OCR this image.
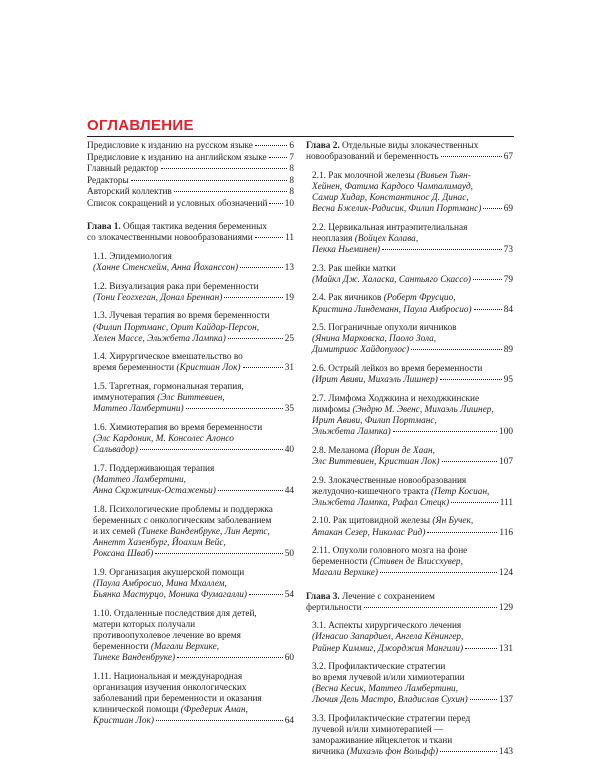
ОГЛАВЛЕНИЕ
Предисловие к изданию на русском языке	6
Предисловие к изданию на английском языке 7
Главный редактор	8
Редакторы	8
Авторский коллектив	8
Список сокращений и условных обозначений 10
Глава 1. Общая тактика ведения беременных
со злокачественными новообразованиями	11
1.1. Эпидемиология
(Ханне Стенсхейм, Анна Йоханссон)	13
1.2. Визуализация рака при беременности
(Тони Геогхеган, Донал Бреннан)	19
1.3. Лучевая терапия во время беременности
(Филип Портманс, Орит Кайдар-Персон,
Хелен Массе, Эльжбета Лампка)	25
1.4. Хирургическое вмешательство во
время беременности (Кристиан Лок)	31
1.5. Таргетная, гормональная терапия,
иммунотерапия (Элс Виттевиен,
Маттео Ламбертини)	35
1.6. Химиотерапия во время беременности
(Элс Кардоник, М. Консолес Алонсо
Сальвадор)	40
1.7. Поддерживающая терапия
(Маттео Ламбертини,
Анна Скржипчик-Остаженьи)	44
1.8. Психологические проблемы и поддержка
беременных с онкологическим заболеванием
и их семей (Тинеке Ванденбруке, Лин Аертс,
Аннетт Хазенбург, Йоахим Вейс,
Роксана Шваб)	50
1.9. Организация акушерской помощи
(Паула Амбросио, Мина Мхаллем,
Бьянка Мастурцо, Моника Фумагалли)	54
1.10. Отдаленные последствия для детей,
матери которых получали
противоопухолевое лечение во время
беременности (Магали Верхике,
Тинеке Ванденбруке)	60
1.11. Национальная и международная
организация изучения онкологических
заболеваний при беременности и оказания
клинической помощи (Фредерик Аман,
Кристиан Лок)	64
Глава 2. Отдельные виды злокачественных
новообразований и беременность	67
2.1. Рак молочной железы (Вивьен Тьян-
Хейнен, Фатима Кардосо Чампалимауд,
Самир Хидар, Константинос Д. Динас,
Весна Бжелик-Радисик, Филип Портманс) 69
2.2. Цервикальная интраэпителиальная
неоплазия (Войцех Колава,
Пекка Ньеминен)	73
2.3. Рак шейки матки
(Майкл Дж. Халаска, Сантьяго Скассо)	79
2.4. Рак яичников (Роберт Фрусцио,
Кристина Линдеманн, Паула Амбросио)	84
2.5. Пограничные опухоли яичников
(Янина Марковска, Паоло Зола,
Димитриос Хайдопулос)	89
2.6. Острый лейкоз во время беременности
(Ирит Авиви, Михаэль Лишнер)	95
2.7. Лимфома Ходжкина и неходжкинские
лимфомы (Эндрю М. Эвенс, Михаэль Лишнер,
Ирит Авиви, Филип Портманс,
Эльжбета Лампка)	100
2.8. Меланома (Йорин де Хаан,
Элс Виттевиен, Кристиан Лок)	107
2.9. Злокачественные новообразования
желудочно-кишечного тракта (Петр Косиан,
Эльжбета Лампка, Рафал Стецк)	111
2.10. Рак щитовидной железы (Ян Бучек,
Атакан Сезер, Николас Рид)	116
2.11. Опухоли головного мозга на фоне
беременности (Стивен де Влиссхувер,
Магали Верхике)	124
Глава 3. Лечение с сохранением
фертильности	129
3.1. Аспекты хирургического лечения
(Игнасио Запардиел, Ангела Кёнингер,
Райнер Киммиг, Джорджия Мангили)	131
3.2. Профилактические стратегии
во время лучевой и/или химиотерапии
(Весна Кесик, Маттео Ламбертини,
Лючия Дель Мастро, Владислав Сухин)	137
3.3. Профилактические стратегии перед
лучевой и/или химиотерапией —
замораживание яйцеклеток и ткани
яичника (Михаэль фон Вольфф)	143
